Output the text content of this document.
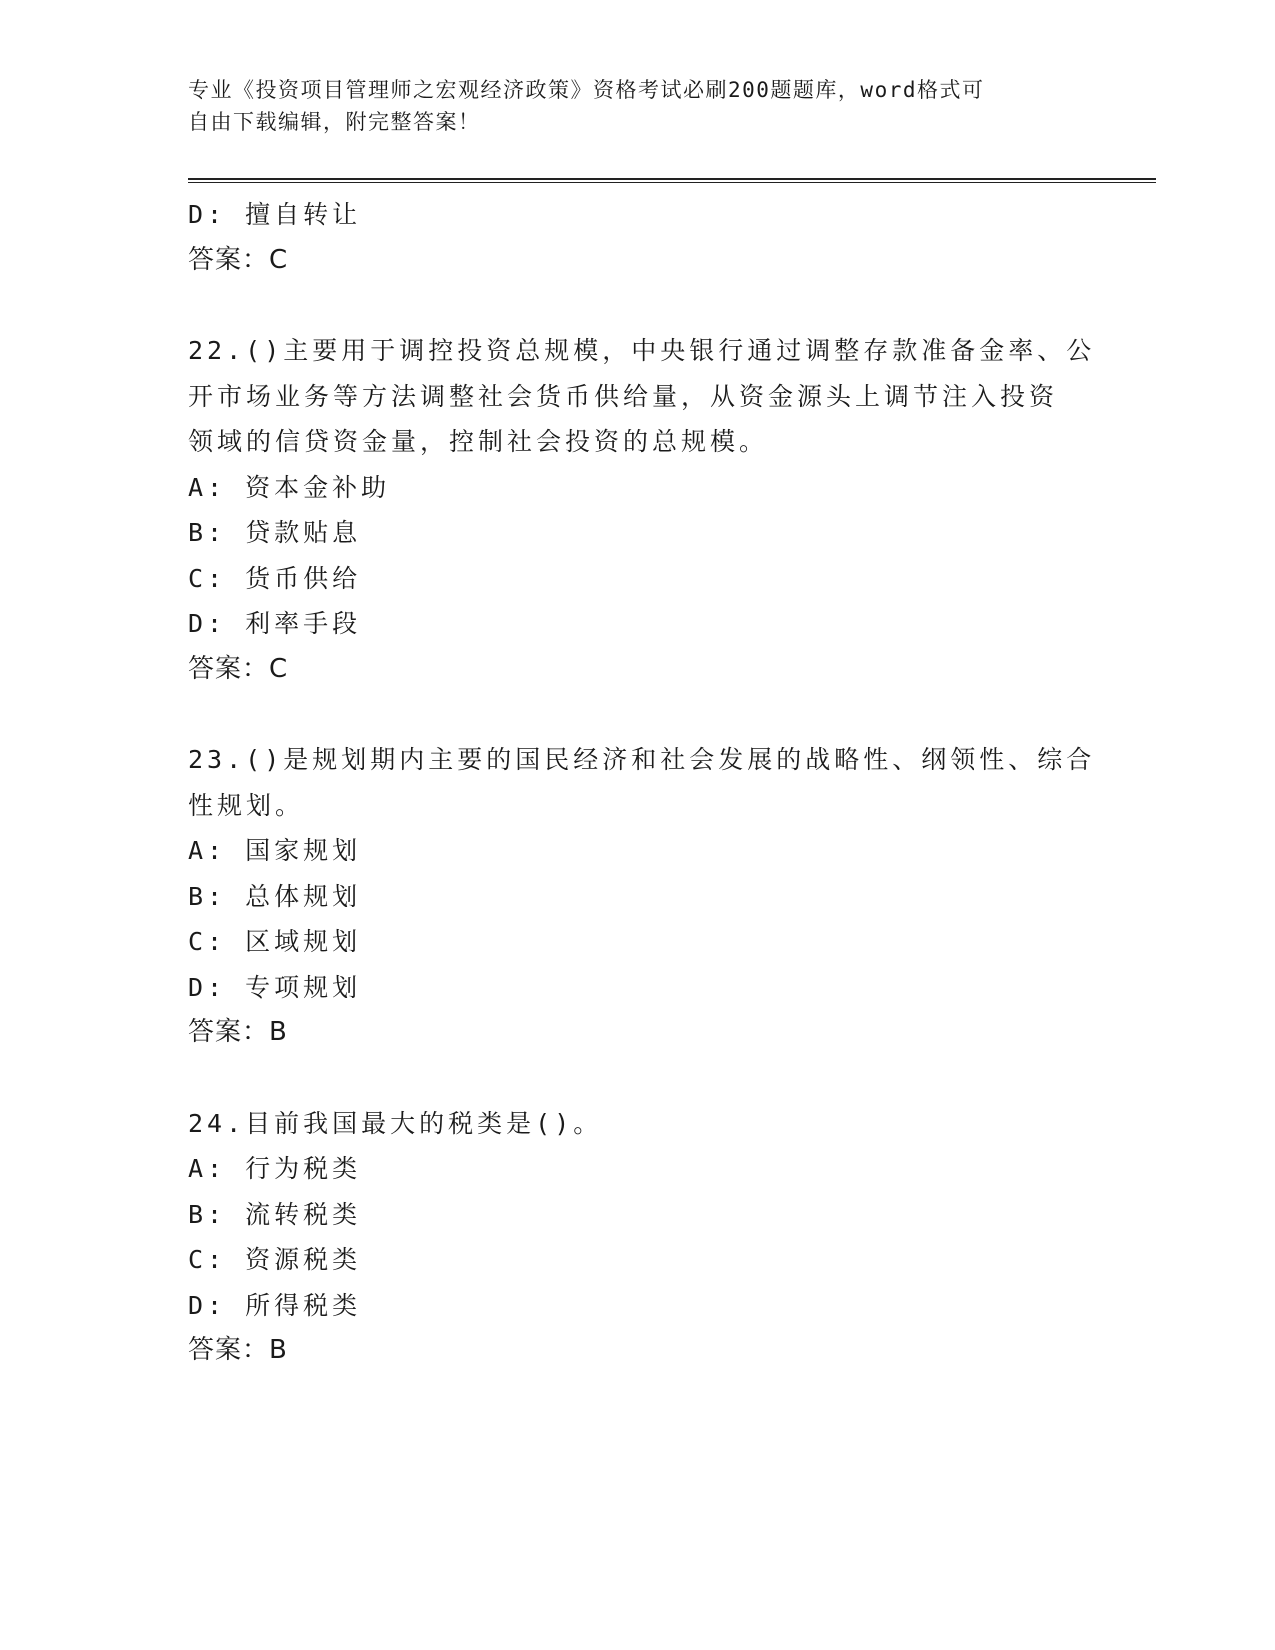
专业《投资项目管理师之宏观经济政策》资格考试必刷200题题库，word格式可
自由下载编辑，附完整答案！
D: 擅自转让
答案：C
22.()主要用于调控投资总规模，中央银行通过调整存款准备金率、公
开市场业务等方法调整社会货币供给量，从资金源头上调节注入投资
领域的信贷资金量，控制社会投资的总规模。
A: 资本金补助
B: 贷款贴息
C: 货币供给
D: 利率手段
答案：C
23.()是规划期内主要的国民经济和社会发展的战略性、纲领性、综合
性规划。
A: 国家规划
B: 总体规划
C: 区域规划
D: 专项规划
答案：B
24.目前我国最大的税类是()。
A: 行为税类
B: 流转税类
C: 资源税类
D: 所得税类
答案：B
